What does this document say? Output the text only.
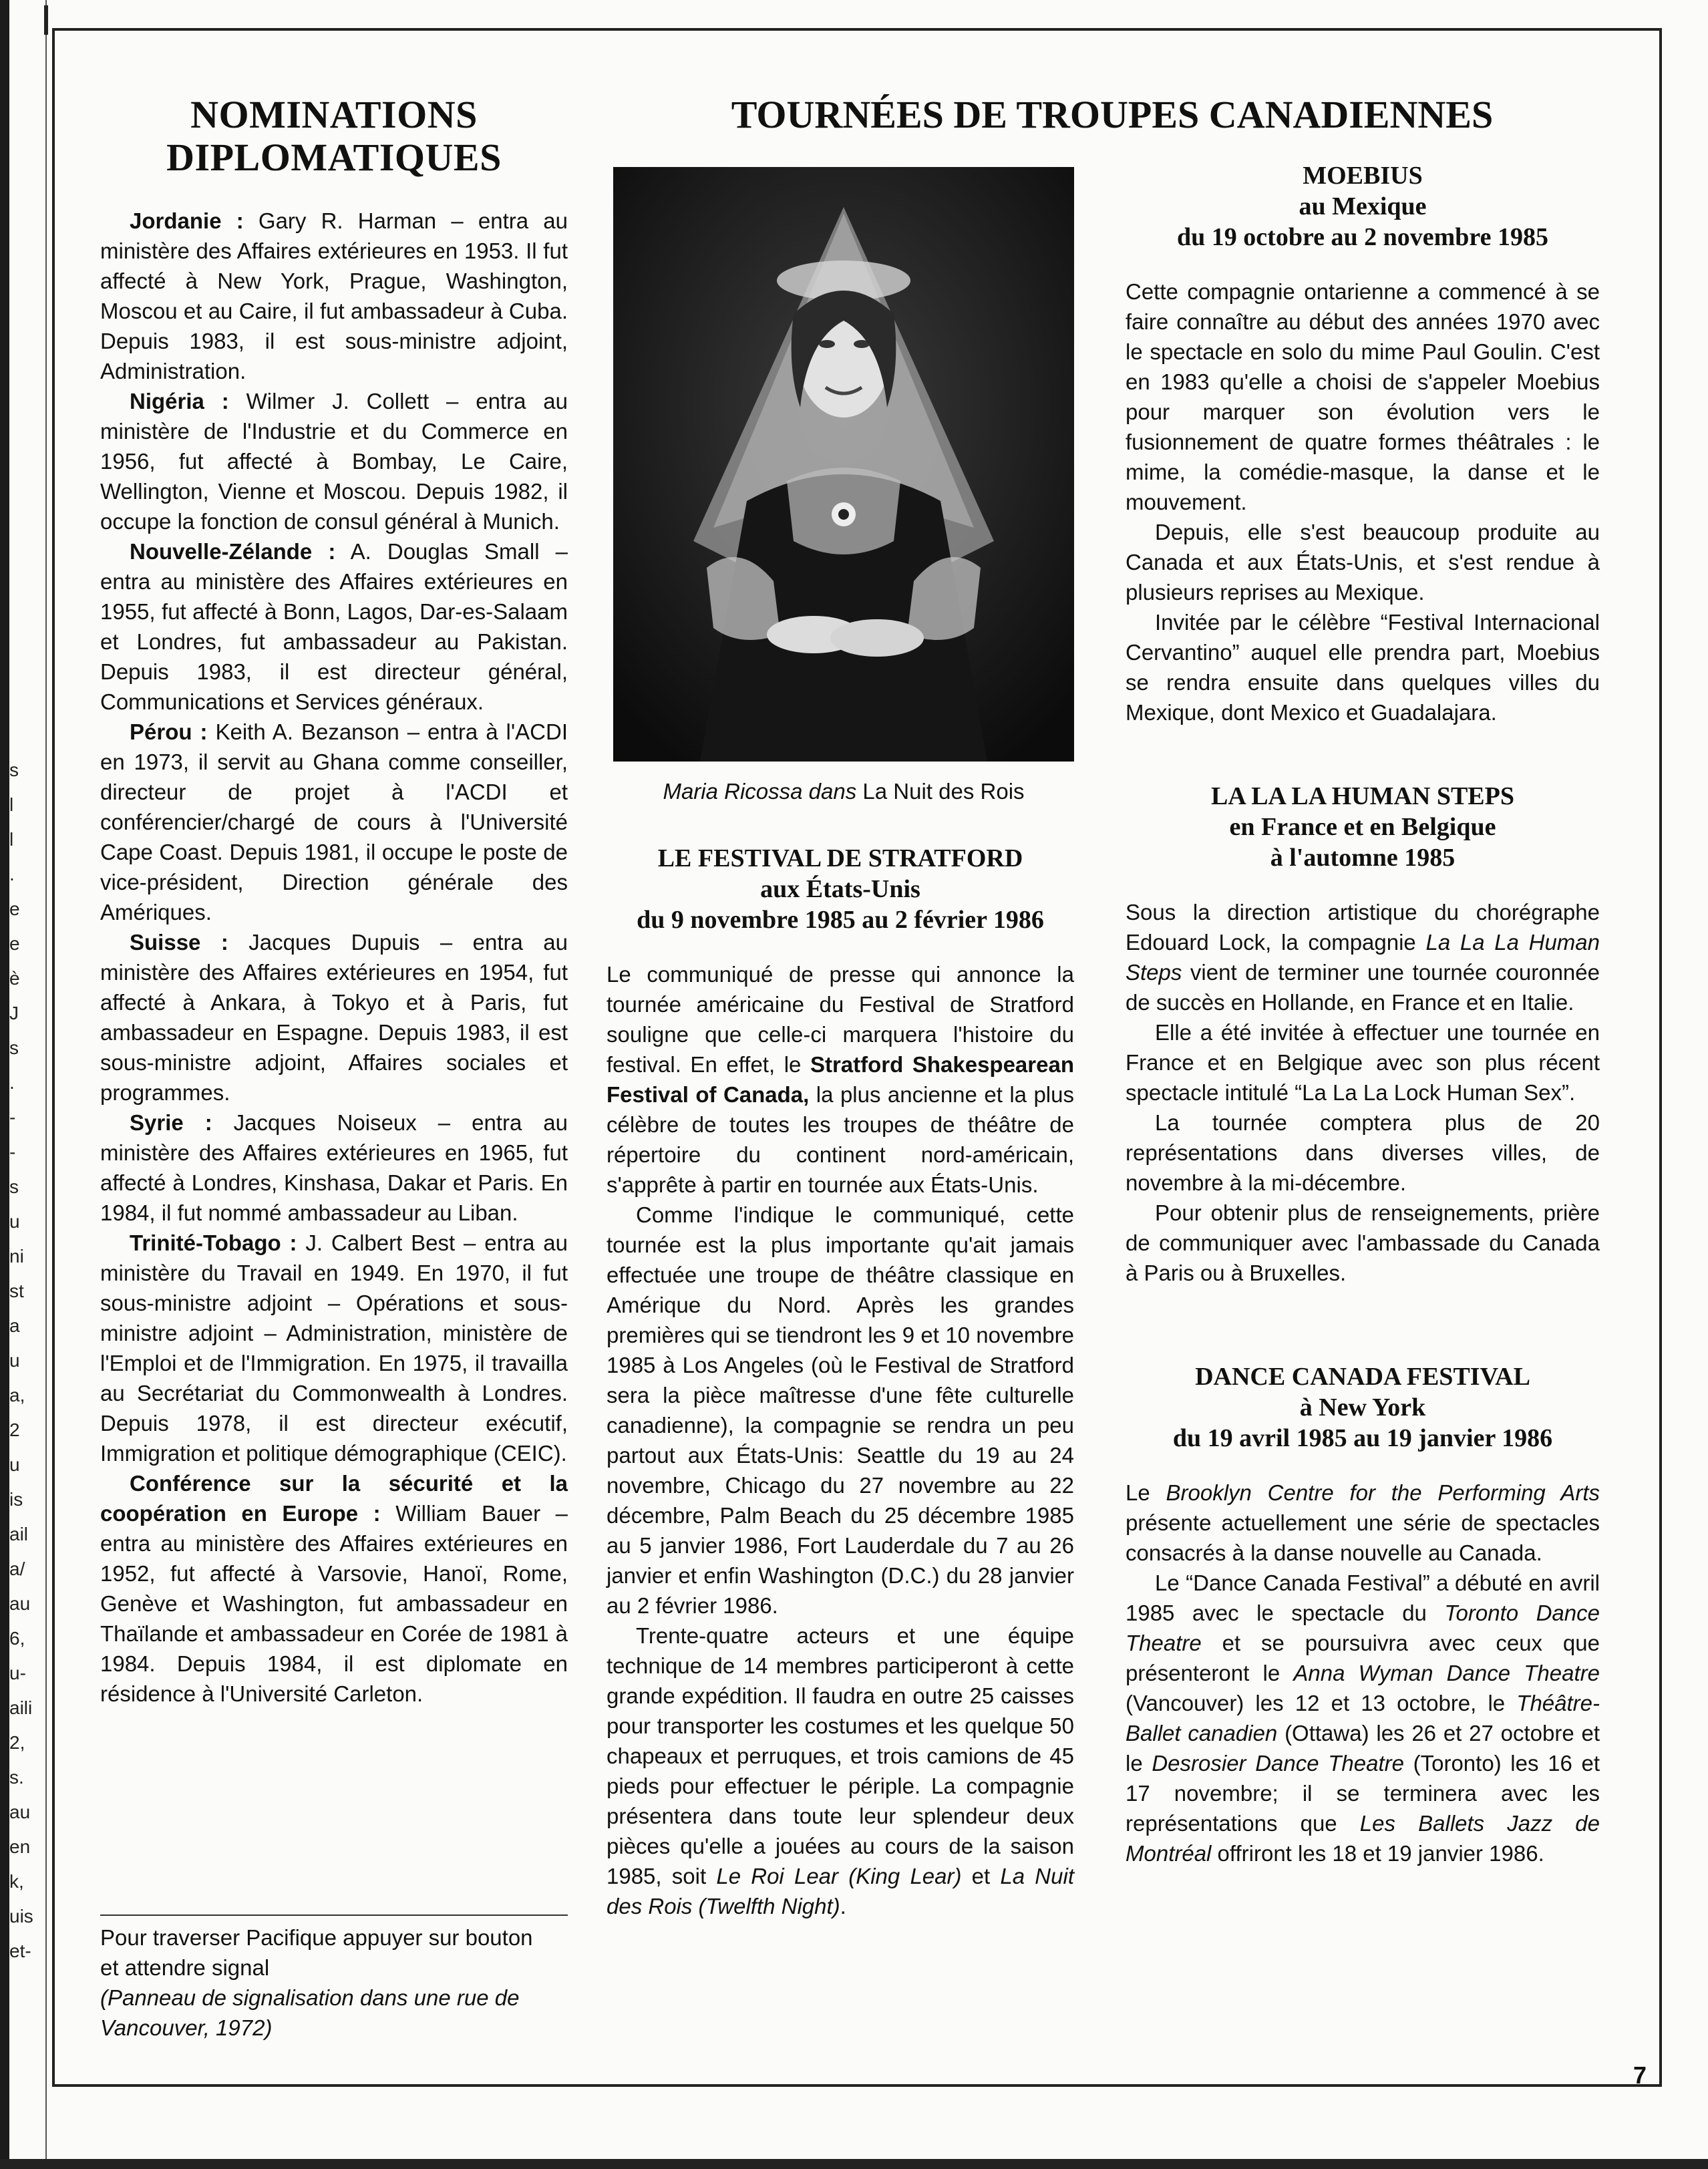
s
l
l
.
e
e
è
J
s
.
-
-
s
u
ni
st
a
u
a,
2
u
is
ail
a/
au
6,
u-
aili
2,
s.
au
en
k,
uis
et-
NOMINATIONS DIPLOMATIQUES

Jordanie : Gary R. Harman – entra au ministère des Affaires extérieures en 1953. Il fut affecté à New York, Prague, Washington, Moscou et au Caire, il fut ambassadeur à Cuba. Depuis 1983, il est sous-ministre adjoint, Administration.

Nigéria : Wilmer J. Collett – entra au ministère de l'Industrie et du Commerce en 1956, fut affecté à Bombay, Le Caire, Wellington, Vienne et Moscou. Depuis 1982, il occupe la fonction de consul général à Munich.

Nouvelle-Zélande : A. Douglas Small – entra au ministère des Affaires extérieures en 1955, fut affecté à Bonn, Lagos, Dar-es-Salaam et Londres, fut ambassadeur au Pakistan. Depuis 1983, il est directeur général, Communications et Services généraux.

Pérou : Keith A. Bezanson – entra à l'ACDI en 1973, il servit au Ghana comme conseiller, directeur de projet à l'ACDI et conférencier/chargé de cours à l'Université Cape Coast. Depuis 1981, il occupe le poste de vice-président, Direction générale des Amériques.

Suisse : Jacques Dupuis – entra au ministère des Affaires extérieures en 1954, fut affecté à Ankara, à Tokyo et à Paris, fut ambassadeur en Espagne. Depuis 1983, il est sous-ministre adjoint, Affaires sociales et programmes.

Syrie : Jacques Noiseux – entra au ministère des Affaires extérieures en 1965, fut affecté à Londres, Kinshasa, Dakar et Paris. En 1984, il fut nommé ambassadeur au Liban.

Trinité-Tobago : J. Calbert Best – entra au ministère du Travail en 1949. En 1970, il fut sous-ministre adjoint – Opérations et sous-ministre adjoint – Administration, ministère de l'Emploi et de l'Immigration. En 1975, il travailla au Secrétariat du Commonwealth à Londres. Depuis 1978, il est directeur exécutif, Immigration et politique démographique (CEIC).

Conférence sur la sécurité et la coopération en Europe : William Bauer – entra au ministère des Affaires extérieures en 1952, fut affecté à Varsovie, Hanoï, Rome, Genève et Washington, fut ambassadeur en Thaïlande et ambassadeur en Corée de 1981 à 1984. Depuis 1984, il est diplomate en résidence à l'Université Carleton.

Pour traverser Pacifique appuyer sur bouton
et attendre signal
(Panneau de signalisation dans une rue de Vancouver, 1972)
TOURNÉES DE TROUPES CANADIENNES
Maria Ricossa dans La Nuit des Rois
LE FESTIVAL DE STRATFORD
aux États-Unis
du 9 novembre 1985 au 2 février 1986

Le communiqué de presse qui annonce la tournée américaine du Festival de Stratford souligne que celle-ci marquera l'histoire du festival. En effet, le Stratford Shakespearean Festival of Canada, la plus ancienne et la plus célèbre de toutes les troupes de théâtre de répertoire du continent nord-américain, s'apprête à partir en tournée aux États-Unis.

Comme l'indique le communiqué, cette tournée est la plus importante qu'ait jamais effectuée une troupe de théâtre classique en Amérique du Nord. Après les grandes premières qui se tiendront les 9 et 10 novembre 1985 à Los Angeles (où le Festival de Stratford sera la pièce maîtresse d'une fête culturelle canadienne), la compagnie se rendra un peu partout aux États-Unis: Seattle du 19 au 24 novembre, Chicago du 27 novembre au 22 décembre, Palm Beach du 25 décembre 1985 au 5 janvier 1986, Fort Lauderdale du 7 au 26 janvier et enfin Washington (D.C.) du 28 janvier au 2 février 1986.

Trente-quatre acteurs et une équipe technique de 14 membres participeront à cette grande expédition. Il faudra en outre 25 caisses pour transporter les costumes et les quelque 50 chapeaux et perruques, et trois camions de 45 pieds pour effectuer le périple. La compagnie présentera dans toute leur splendeur deux pièces qu'elle a jouées au cours de la saison 1985, soit Le Roi Lear (King Lear) et La Nuit des Rois (Twelfth Night).

MOEBIUS
au Mexique
du 19 octobre au 2 novembre 1985

Cette compagnie ontarienne a commencé à se faire connaître au début des années 1970 avec le spectacle en solo du mime Paul Goulin. C'est en 1983 qu'elle a choisi de s'appeler Moebius pour marquer son évolution vers le fusionnement de quatre formes théâtrales : le mime, la comédie-masque, la danse et le mouvement.

Depuis, elle s'est beaucoup produite au Canada et aux États-Unis, et s'est rendue à plusieurs reprises au Mexique.

Invitée par le célèbre “Festival Internacional Cervantino” auquel elle prendra part, Moebius se rendra ensuite dans quelques villes du Mexique, dont Mexico et Guadalajara.

LA LA LA HUMAN STEPS
en France et en Belgique
à l'automne 1985

Sous la direction artistique du chorégraphe Edouard Lock, la compagnie La La La Human Steps vient de terminer une tournée couronnée de succès en Hollande, en France et en Italie.

Elle a été invitée à effectuer une tournée en France et en Belgique avec son plus récent spectacle intitulé “La La La Lock Human Sex”.

La tournée comptera plus de 20 représentations dans diverses villes, de novembre à la mi-décembre.

Pour obtenir plus de renseignements, prière de communiquer avec l'ambassade du Canada à Paris ou à Bruxelles.

DANCE CANADA FESTIVAL
à New York
du 19 avril 1985 au 19 janvier 1986

Le Brooklyn Centre for the Performing Arts présente actuellement une série de spectacles consacrés à la danse nouvelle au Canada.

Le “Dance Canada Festival” a débuté en avril 1985 avec le spectacle du Toronto Dance Theatre et se poursuivra avec ceux que présenteront le Anna Wyman Dance Theatre (Vancouver) les 12 et 13 octobre, le Théâtre-Ballet canadien (Ottawa) les 26 et 27 octobre et le Desrosier Dance Theatre (Toronto) les 16 et 17 novembre; il se terminera avec les représentations que Les Ballets Jazz de Montréal offriront les 18 et 19 janvier 1986.

7
